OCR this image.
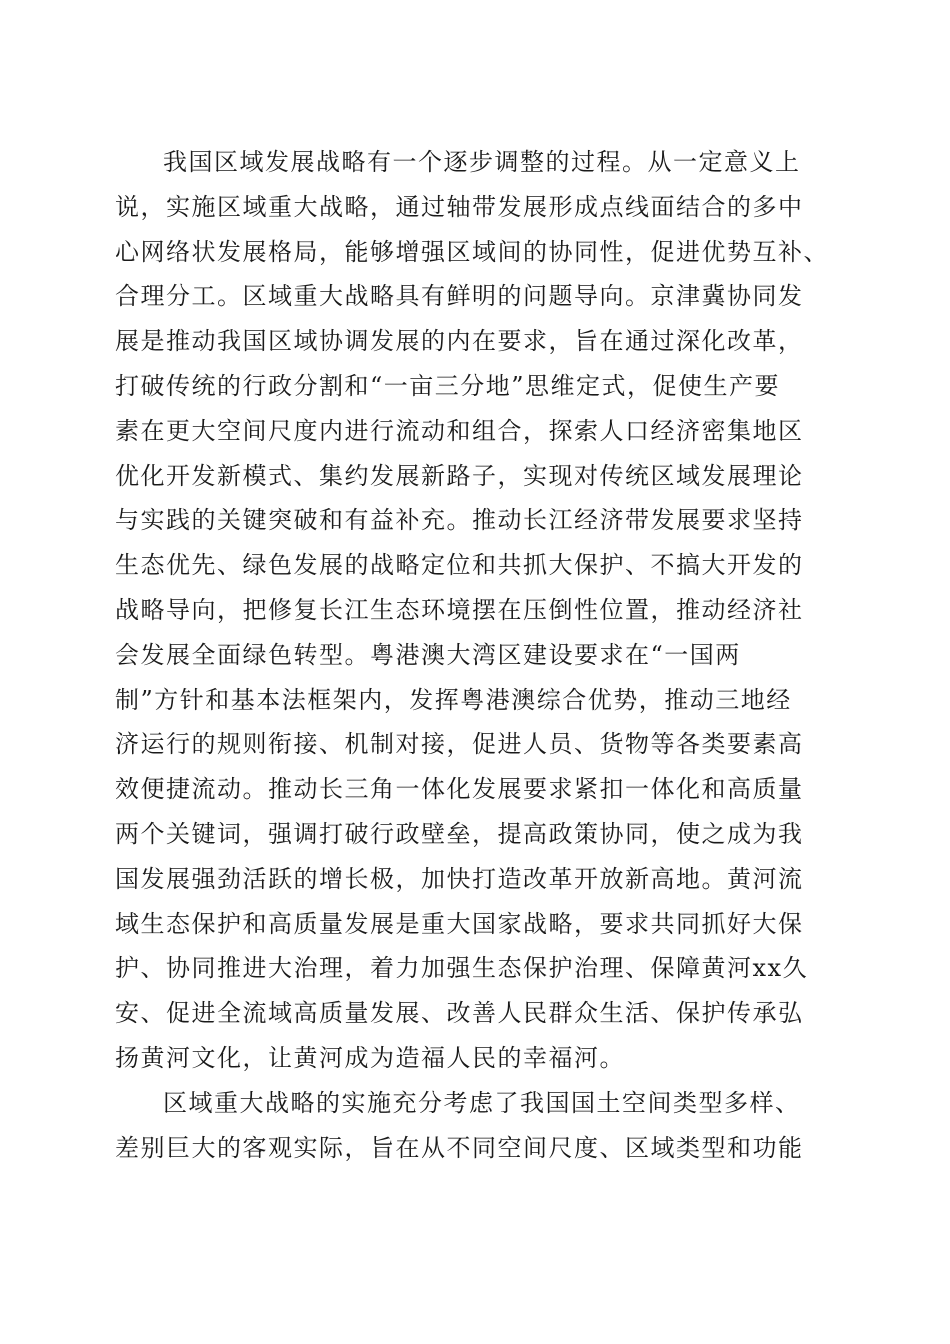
我国区域发展战略有一个逐步调整的过程。从一定意义上
说，实施区域重大战略，通过轴带发展形成点线面结合的多中
心网络状发展格局，能够增强区域间的协同性，促进优势互补、
合理分工。区域重大战略具有鲜明的问题导向。京津冀协同发
展是推动我国区域协调发展的内在要求，旨在通过深化改革，
打破传统的行政分割和“一亩三分地”思维定式，促使生产要
素在更大空间尺度内进行流动和组合，探索人口经济密集地区
优化开发新模式、集约发展新路子，实现对传统区域发展理论
与实践的关键突破和有益补充。推动长江经济带发展要求坚持
生态优先、绿色发展的战略定位和共抓大保护、不搞大开发的
战略导向，把修复长江生态环境摆在压倒性位置，推动经济社
会发展全面绿色转型。粤港澳大湾区建设要求在“一国两
制”方针和基本法框架内，发挥粤港澳综合优势，推动三地经
济运行的规则衔接、机制对接，促进人员、货物等各类要素高
效便捷流动。推动长三角一体化发展要求紧扣一体化和高质量
两个关键词，强调打破行政壁垒，提高政策协同，使之成为我
国发展强劲活跃的增长极，加快打造改革开放新高地。黄河流
域生态保护和高质量发展是重大国家战略，要求共同抓好大保
护、协同推进大治理，着力加强生态保护治理、保障黄河xx久
安、促进全流域高质量发展、改善人民群众生活、保护传承弘
扬黄河文化，让黄河成为造福人民的幸福河。
区域重大战略的实施充分考虑了我国国土空间类型多样、
差别巨大的客观实际，旨在从不同空间尺度、区域类型和功能
